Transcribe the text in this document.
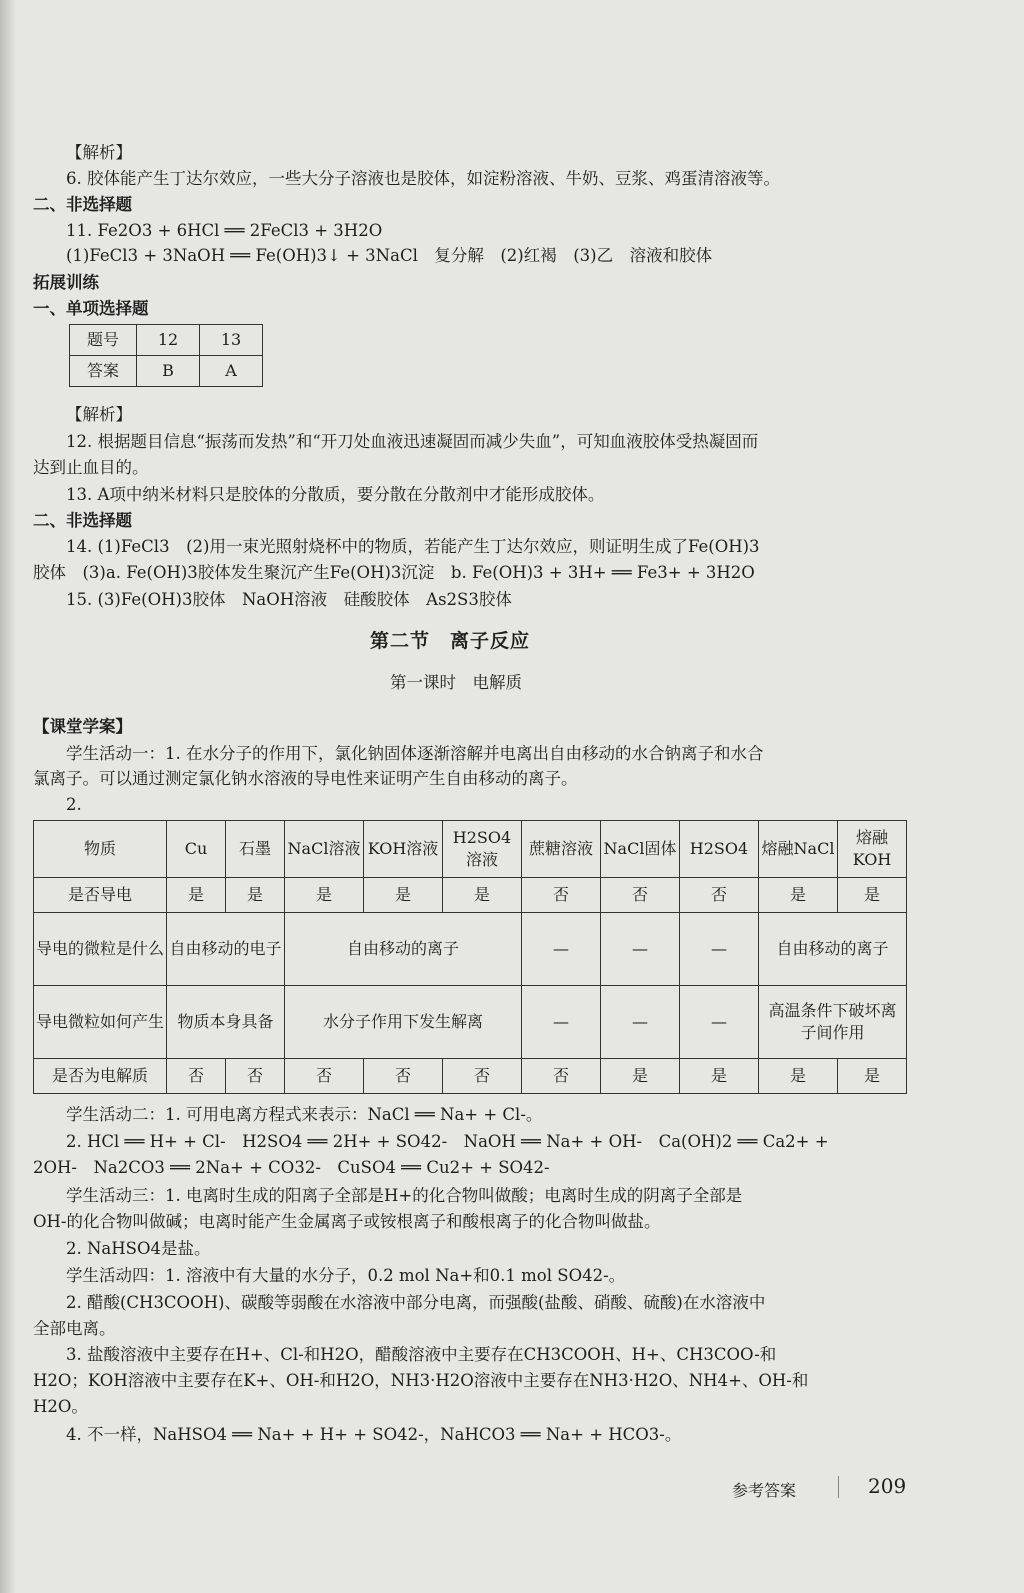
【解析】
6. 胶体能产生丁达尔效应，一些大分子溶液也是胶体，如淀粉溶液、牛奶、豆浆、鸡蛋清溶液等。
二、非选择题
11. Fe2O3 + 6HCl ══ 2FeCl3 + 3H2O
(1)FeCl3 + 3NaOH ══ Fe(OH)3↓ + 3NaCl　复分解　(2)红褐　(3)乙　溶液和胶体
拓展训练
一、单项选择题
题号	12	13
答案	B	A
【解析】
12. 根据题目信息“振荡而发热”和“开刀处血液迅速凝固而减少失血”，可知血液胶体受热凝固而
达到止血目的。
13. A项中纳米材料只是胶体的分散质，要分散在分散剂中才能形成胶体。
二、非选择题
14. (1)FeCl3　(2)用一束光照射烧杯中的物质，若能产生丁达尔效应，则证明生成了Fe(OH)3
胶体　(3)a. Fe(OH)3胶体发生聚沉产生Fe(OH)3沉淀　b. Fe(OH)3 + 3H+ ══ Fe3+ + 3H2O
15. (3)Fe(OH)3胶体　NaOH溶液　硅酸胶体　As2S3胶体
第二节　离子反应
第一课时　电解质
【课堂学案】
学生活动一：1. 在水分子的作用下，氯化钠固体逐渐溶解并电离出自由移动的水合钠离子和水合
氯离子。可以通过测定氯化钠水溶液的导电性来证明产生自由移动的离子。
2.
物质	Cu	石墨	NaCl溶液	KOH溶液	H2SO4溶液	蔗糖溶液	NaCl固体	H2SO4	熔融NaCl	熔融KOH
是否导电	是	是	是	是	是	否	否	否	是	是
导电的微粒是什么	自由移动的电子		自由移动的离子			—	—	—	自由移动的离子	
导电微粒如何产生	物质本身具备		水分子作用下发生解离			—	—	—	高温条件下破坏离子间作用	
是否为电解质	否	否	否	否	否	否	是	是	是	是
学生活动二：1. 可用电离方程式来表示：NaCl ══ Na+ + Cl-。
2. HCl ══ H+ + Cl-　H2SO4 ══ 2H+ + SO42-　NaOH ══ Na+ + OH-　Ca(OH)2 ══ Ca2+ +
2OH-　Na2CO3 ══ 2Na+ + CO32-　CuSO4 ══ Cu2+ + SO42-
学生活动三：1. 电离时生成的阳离子全部是H+的化合物叫做酸；电离时生成的阴离子全部是
OH-的化合物叫做碱；电离时能产生金属离子或铵根离子和酸根离子的化合物叫做盐。
2. NaHSO4是盐。
学生活动四：1. 溶液中有大量的水分子，0.2 mol Na+和0.1 mol SO42-。
2. 醋酸(CH3COOH)、碳酸等弱酸在水溶液中部分电离，而强酸(盐酸、硝酸、硫酸)在水溶液中
全部电离。
3. 盐酸溶液中主要存在H+、Cl-和H2O，醋酸溶液中主要存在CH3COOH、H+、CH3COO-和
H2O；KOH溶液中主要存在K+、OH-和H2O，NH3·H2O溶液中主要存在NH3·H2O、NH4+、OH-和
H2O。
4. 不一样，NaHSO4 ══ Na+ + H+ + SO42-，NaHCO3 ══ Na+ + HCO3-。
参考答案	209
